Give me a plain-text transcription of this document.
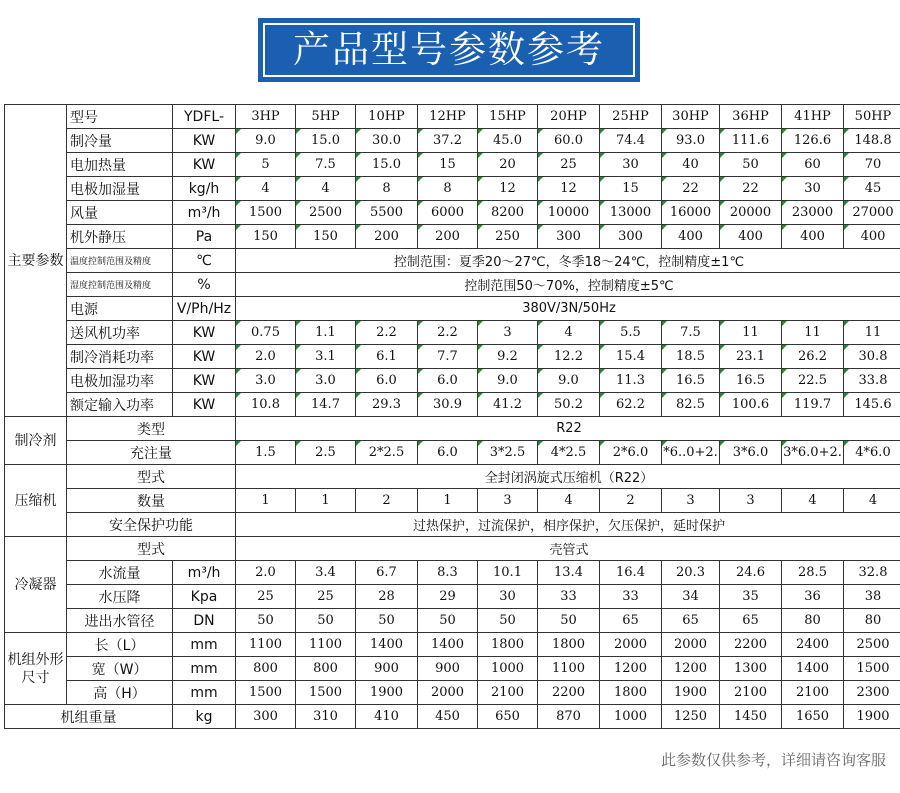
产品型号参数参考
主要参数	型号	YDFL-	3HP	5HP	10HP	12HP	15HP	20HP	25HP	30HP	36HP	41HP	50HP
	制冷量	KW	9.0	15.0	30.0	37.2	45.0	60.0	74.4	93.0	111.6	126.6	148.8
	电加热量	KW	5	7.5	15.0	15	20	25	30	40	50	60	70
	电极加湿量	kg/h	4	4	8	8	12	12	15	22	22	30	45
	风量	m³/h	1500	2500	5500	6000	8200	10000	13000	16000	20000	23000	27000
	机外静压	Pa	150	150	200	200	250	300	300	400	400	400	400
	温度控制范围及精度	℃	控制范围：夏季20～27℃，冬季18～24℃，控制精度±1℃										
	湿度控制范围及精度	%	控制范围50～70%，控制精度±5℃										
	电源	V/Ph/Hz	380V/3N/50Hz										
	送风机功率	KW	0.75	1.1	2.2	2.2	3	4	5.5	7.5	11	11	11
	制冷消耗功率	KW	2.0	3.1	6.1	7.7	9.2	12.2	15.4	18.5	23.1	26.2	30.8
	电极加湿功率	KW	3.0	3.0	6.0	6.0	9.0	9.0	11.3	16.5	16.5	22.5	33.8
	额定输入功率	KW	10.8	14.7	29.3	30.9	41.2	50.2	62.2	82.5	100.6	119.7	145.6
制冷剂	类型		R22										
	充注量		1.5	2.5	2*2.5	6.0	3*2.5	4*2.5	2*6.0	*6..0+2.	3*6.0	3*6.0+2.	4*6.0
压缩机	型式		全封闭涡旋式压缩机（R22）										
	数量		1	1	2	1	3	4	2	3	3	4	4
	安全保护功能		过热保护，过流保护，相序保护，欠压保护，延时保护										
冷凝器	型式		壳管式										
	水流量	m³/h	2.0	3.4	6.7	8.3	10.1	13.4	16.4	20.3	24.6	28.5	32.8
	水压降	Kpa	25	25	28	29	30	33	33	34	35	36	38
	进出水管径	DN	50	50	50	50	50	50	65	65	65	80	80
机组外形尺寸	长（L）	mm	1100	1100	1400	1400	1800	1800	2000	2000	2200	2400	2500
	宽（W）	mm	800	800	900	900	1000	1100	1200	1200	1300	1400	1500
	高（H）	mm	1500	1500	1900	2000	2100	2200	1800	1900	2100	2100	2300
机组重量		kg	300	310	410	450	650	870	1000	1250	1450	1650	1900
此参数仅供参考，详细请咨询客服
